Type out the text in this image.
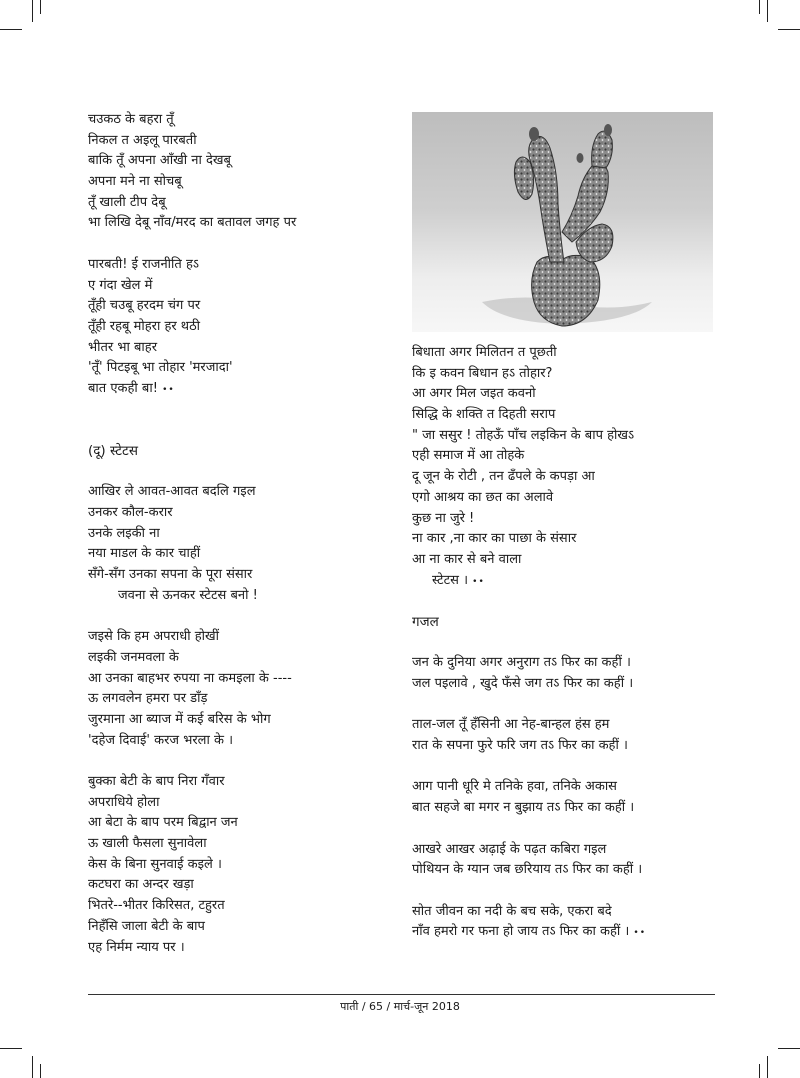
चउकठ के बहरा तूँ
निकल त अइलू पारबती
बाकि तूँ अपना आँखी ना देखबू
अपना मने ना सोचबू
तूँ खाली टीप देबू
भा लिखि देबू नाँव/मरद का बतावल जगह पर
पारबती! ई राजनीति हऽ
ए गंदा खेल में
तूँही चउबू हरदम चंग पर
तूँही रहबू मोहरा हर थठी
भीतर भा बाहर
'तूँ' पिटइबू भा तोहार 'मरजादा'
बात एकही बा! ••
(दू) स्टेटस
आखिर ले आवत-आवत बदलि गइल
उनकर कौल-करार
उनके लइकी ना
नया माडल के कार चाहीं
सँगे-सँग उनका सपना के पूरा संसार
जवना से ऊनकर स्टेटस बनो !
जइसे कि हम अपराधी होखीं
लइकी जनमवला के
आ उनका बाहभर रुपया ना कमइला के ----
ऊ लगवलेन हमरा पर डाँड़
जुरमाना आ ब्याज में कई बरिस के भोग
'दहेज दिवाई' करज भरला के ।
बुक्का बेटी के बाप निरा गँवार
अपराधिये होला
आ बेटा के बाप परम बिद्वान जन
ऊ खाली फैसला सुनावेला
केस के बिना सुनवाई कइले ।
कटघरा का अन्दर खड़ा
भितरे--भीतर किरिसत, टहुरत
निहँसि जाला बेटी के बाप
एह निर्मम न्याय पर ।
बिधाता अगर मिलितन त पूछती
कि इ कवन बिधान हऽ तोहार?
आ अगर मिल जइत कवनो
सिद्धि के शक्ति त दिहती सराप
" जा ससुर ! तोहऊँ पाँच लइकिन के बाप होखऽ
एही समाज में आ तोहके
दू जून के रोटी , तन ढँपले के कपड़ा आ
एगो आश्रय का छत का अलावे
कुछ ना जुरे !
ना कार ,ना कार का पाछा के संसार
आ ना कार से बने वाला
स्टेटस । ••
गजल
जन के दुनिया अगर अनुराग तऽ फिर का कहीं ।
जल पइलावे , खुदे फँसे जग तऽ फिर का कहीं ।
ताल-जल तूँ हँसिनी आ नेह-बान्हल हंस हम
रात के सपना फुरे फरि जग तऽ फिर का कहीं ।
आग पानी धूरि मे तनिके हवा, तनिके अकास
बात सहजे बा मगर न बुझाय तऽ फिर का कहीं ।
आखरे आखर अढ़ाई के पढ़त कबिरा गइल
पोथियन के ग्यान जब छरियाय तऽ फिर का कहीं ।
सोत जीवन का नदी के बच सके, एकरा बदे
नाँव हमरो गर फना हो जाय तऽ फिर का कहीं । ••
पाती / 65 / मार्च-जून 2018
